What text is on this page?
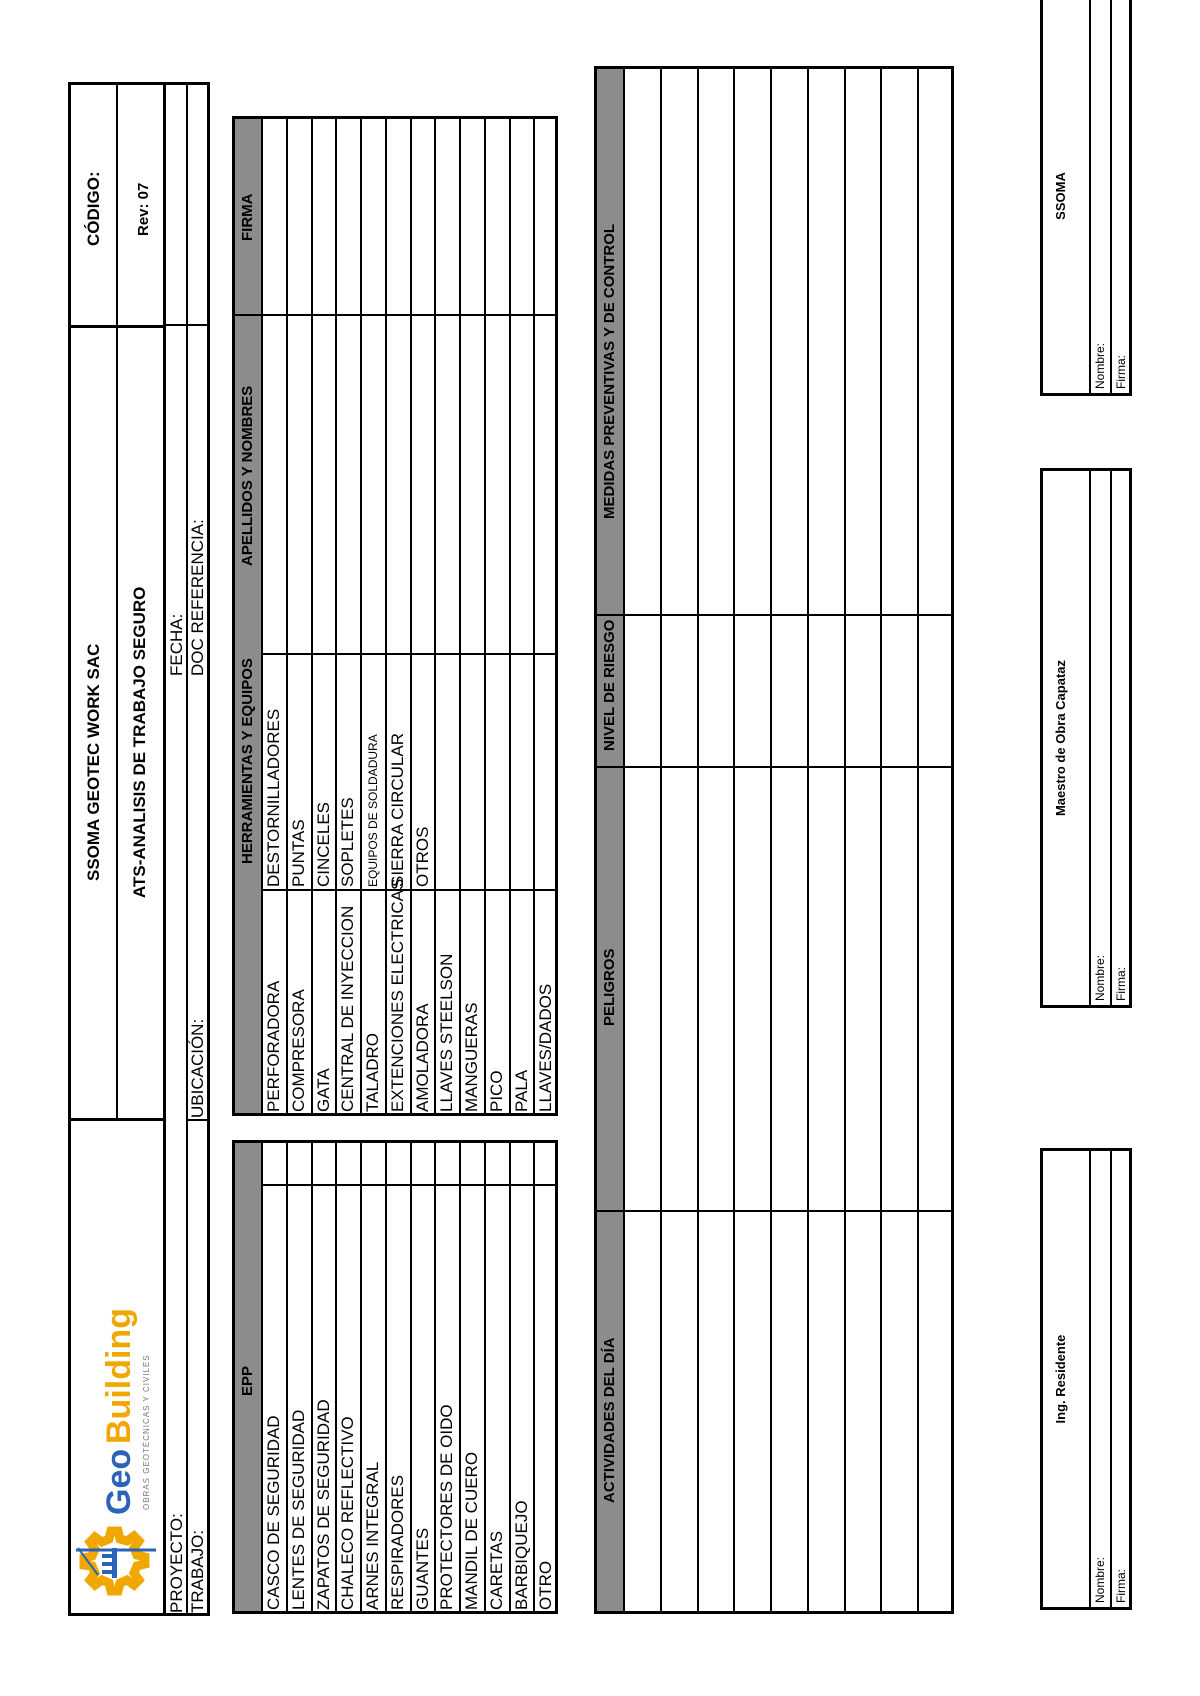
Geo
Building OBRAS GEOTÉCNICAS Y CIVILES
SSOMA GEOTEC WORK SAC ATS-ANALISIS DE TRABAJO SEGURO
CÓDIGO: Rev: 07
PROYECTO: TRABAJO:
UBICACIÓN:
FECHA: DOC REFERENCIA:
EPP
CASCO DE SEGURIDAD LENTES DE SEGURIDAD ZAPATOS DE SEGURIDAD CHALECO REFLECTIVO ARNES INTEGRAL RESPIRADORES GUANTES PROTECTORES DE OIDO MANDIL DE CUERO CARETAS BARBIQUEJO OTRO
HERRAMIENTAS Y EQUIPOS
PERFORADORA COMPRESORA GATA CENTRAL DE INYECCION TALADRO EXTENCIONES ELECTRICAS AMOLADORA LLAVES STEELSON MANGUERAS PICO PALA LLAVES/DADOS
DESTORNILLADORES PUNTAS CINCELES SOPLETES EQUIPOS DE SOLDADURA SIERRA CIRCULAR OTROS
APELLIDOS Y NOMBRES
FIRMA
ACTIVIDADES DEL DÍA
PELIGROS
NIVEL DE RIESGO
MEDIDAS PREVENTIVAS Y DE CONTROL
Ing. Residente
Nombre: Firma:
Maestro de Obra Capataz
Nombre: Firma:
SSOMA
Nombre: Firma:
